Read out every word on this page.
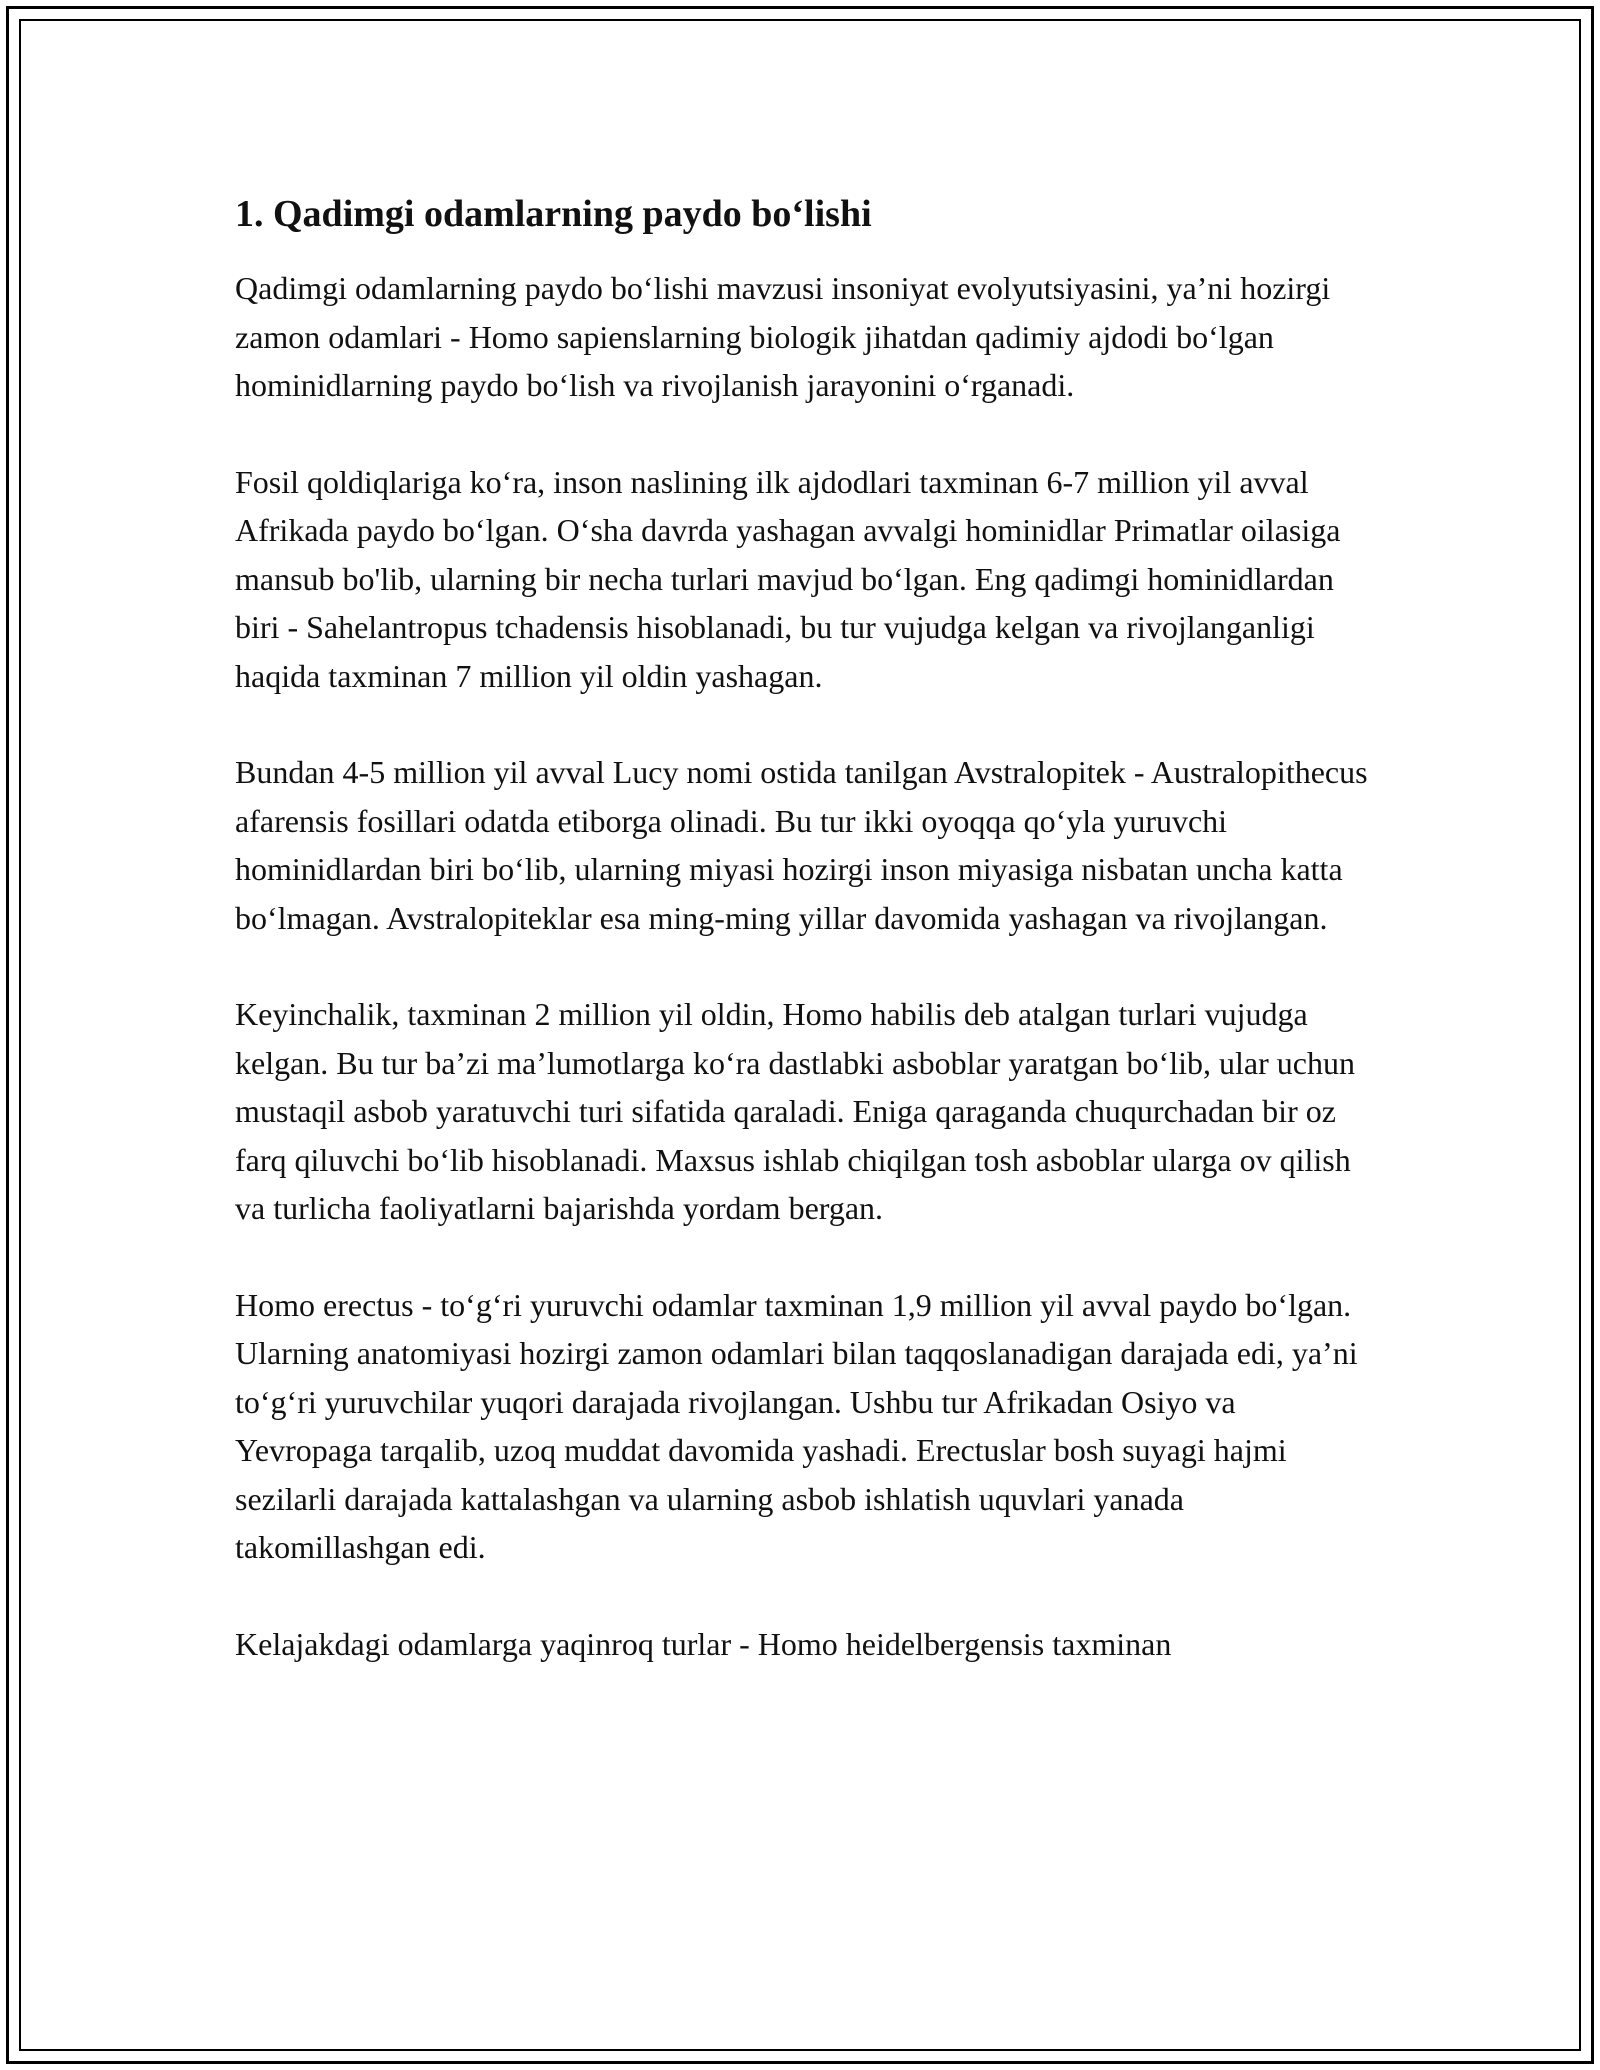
1. Qadimgi odamlarning paydo bo‘lishi

Qadimgi odamlarning paydo bo‘lishi mavzusi insoniyat evolyutsiyasini, ya’ni hozirgi zamon odamlari - Homo sapienslarning biologik jihatdan qadimiy ajdodi bo‘lgan hominidlarning paydo bo‘lish va rivojlanish jarayonini o‘rganadi.

Fosil qoldiqlariga ko‘ra, inson naslining ilk ajdodlari taxminan 6-7 million yil avval Afrikada paydo bo‘lgan. O‘sha davrda yashagan avvalgi hominidlar Primatlar oilasiga mansub bo'lib, ularning bir necha turlari mavjud bo‘lgan. Eng qadimgi hominidlardan biri - Sahelantropus tchadensis hisoblanadi, bu tur vujudga kelgan va rivojlanganligi haqida taxminan 7 million yil oldin yashagan.

Bundan 4-5 million yil avval Lucy nomi ostida tanilgan Avstralopitek - Australopithecus afarensis fosillari odatda etiborga olinadi. Bu tur ikki oyoqqa qo‘yla yuruvchi hominidlardan biri bo‘lib, ularning miyasi hozirgi inson miyasiga nisbatan uncha katta bo‘lmagan. Avstralopiteklar esa ming-ming yillar davomida yashagan va rivojlangan.

Keyinchalik, taxminan 2 million yil oldin, Homo habilis deb atalgan turlari vujudga kelgan. Bu tur ba’zi ma’lumotlarga ko‘ra dastlabki asboblar yaratgan bo‘lib, ular uchun mustaqil asbob yaratuvchi turi sifatida qaraladi. Eniga qaraganda chuqurchadan bir oz farq qiluvchi bo‘lib hisoblanadi. Maxsus ishlab chiqilgan tosh asboblar ularga ov qilish va turlicha faoliyatlarni bajarishda yordam bergan.

Homo erectus - to‘g‘ri yuruvchi odamlar taxminan 1,9 million yil avval paydo bo‘lgan. Ularning anatomiyasi hozirgi zamon odamlari bilan taqqoslanadigan darajada edi, ya’ni to‘g‘ri yuruvchilar yuqori darajada rivojlangan. Ushbu tur Afrikadan Osiyo va Yevropaga tarqalib, uzoq muddat davomida yashadi. Erectuslar bosh suyagi hajmi sezilarli darajada kattalashgan va ularning asbob ishlatish uquvlari yanada takomillashgan edi.

Kelajakdagi odamlarga yaqinroq turlar - Homo heidelbergensis taxminan
